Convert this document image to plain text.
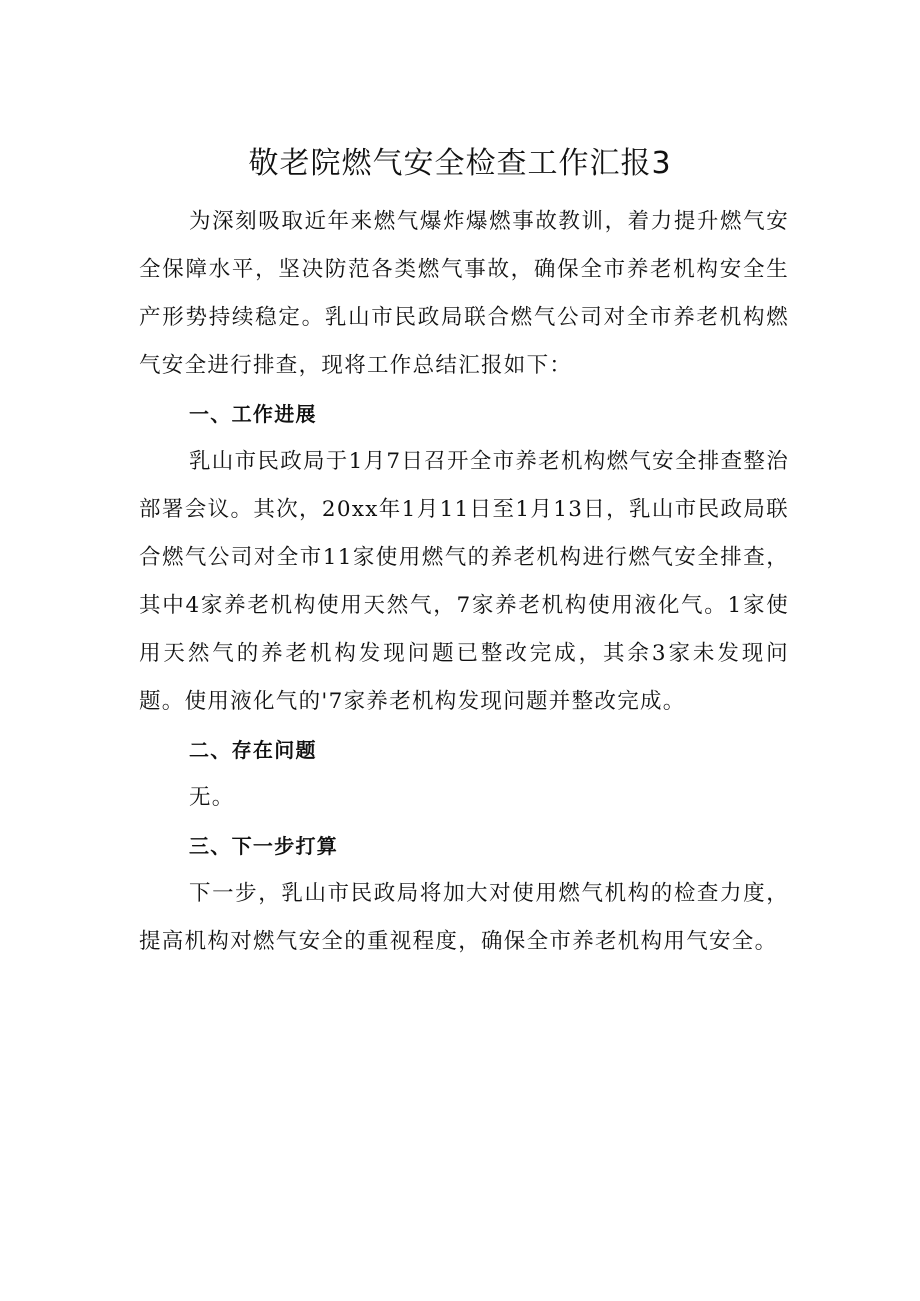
敬老院燃气安全检查工作汇报3

为深刻吸取近年来燃气爆炸爆燃事故教训，着力提升燃气安全保障水平，坚决防范各类燃气事故，确保全市养老机构安全生产形势持续稳定。乳山市民政局联合燃气公司对全市养老机构燃气安全进行排查，现将工作总结汇报如下：

一、工作进展

乳山市民政局于1月7日召开全市养老机构燃气安全排查整治部署会议。其次，20xx年1月11日至1月13日，乳山市民政局联合燃气公司对全市11家使用燃气的养老机构进行燃气安全排查，其中4家养老机构使用天然气，7家养老机构使用液化气。1家使用天然气的养老机构发现问题已整改完成，其余3家未发现问题。使用液化气的'7家养老机构发现问题并整改完成。

二、存在问题

无。

三、下一步打算

下一步，乳山市民政局将加大对使用燃气机构的检查力度，提高机构对燃气安全的重视程度，确保全市养老机构用气安全。
